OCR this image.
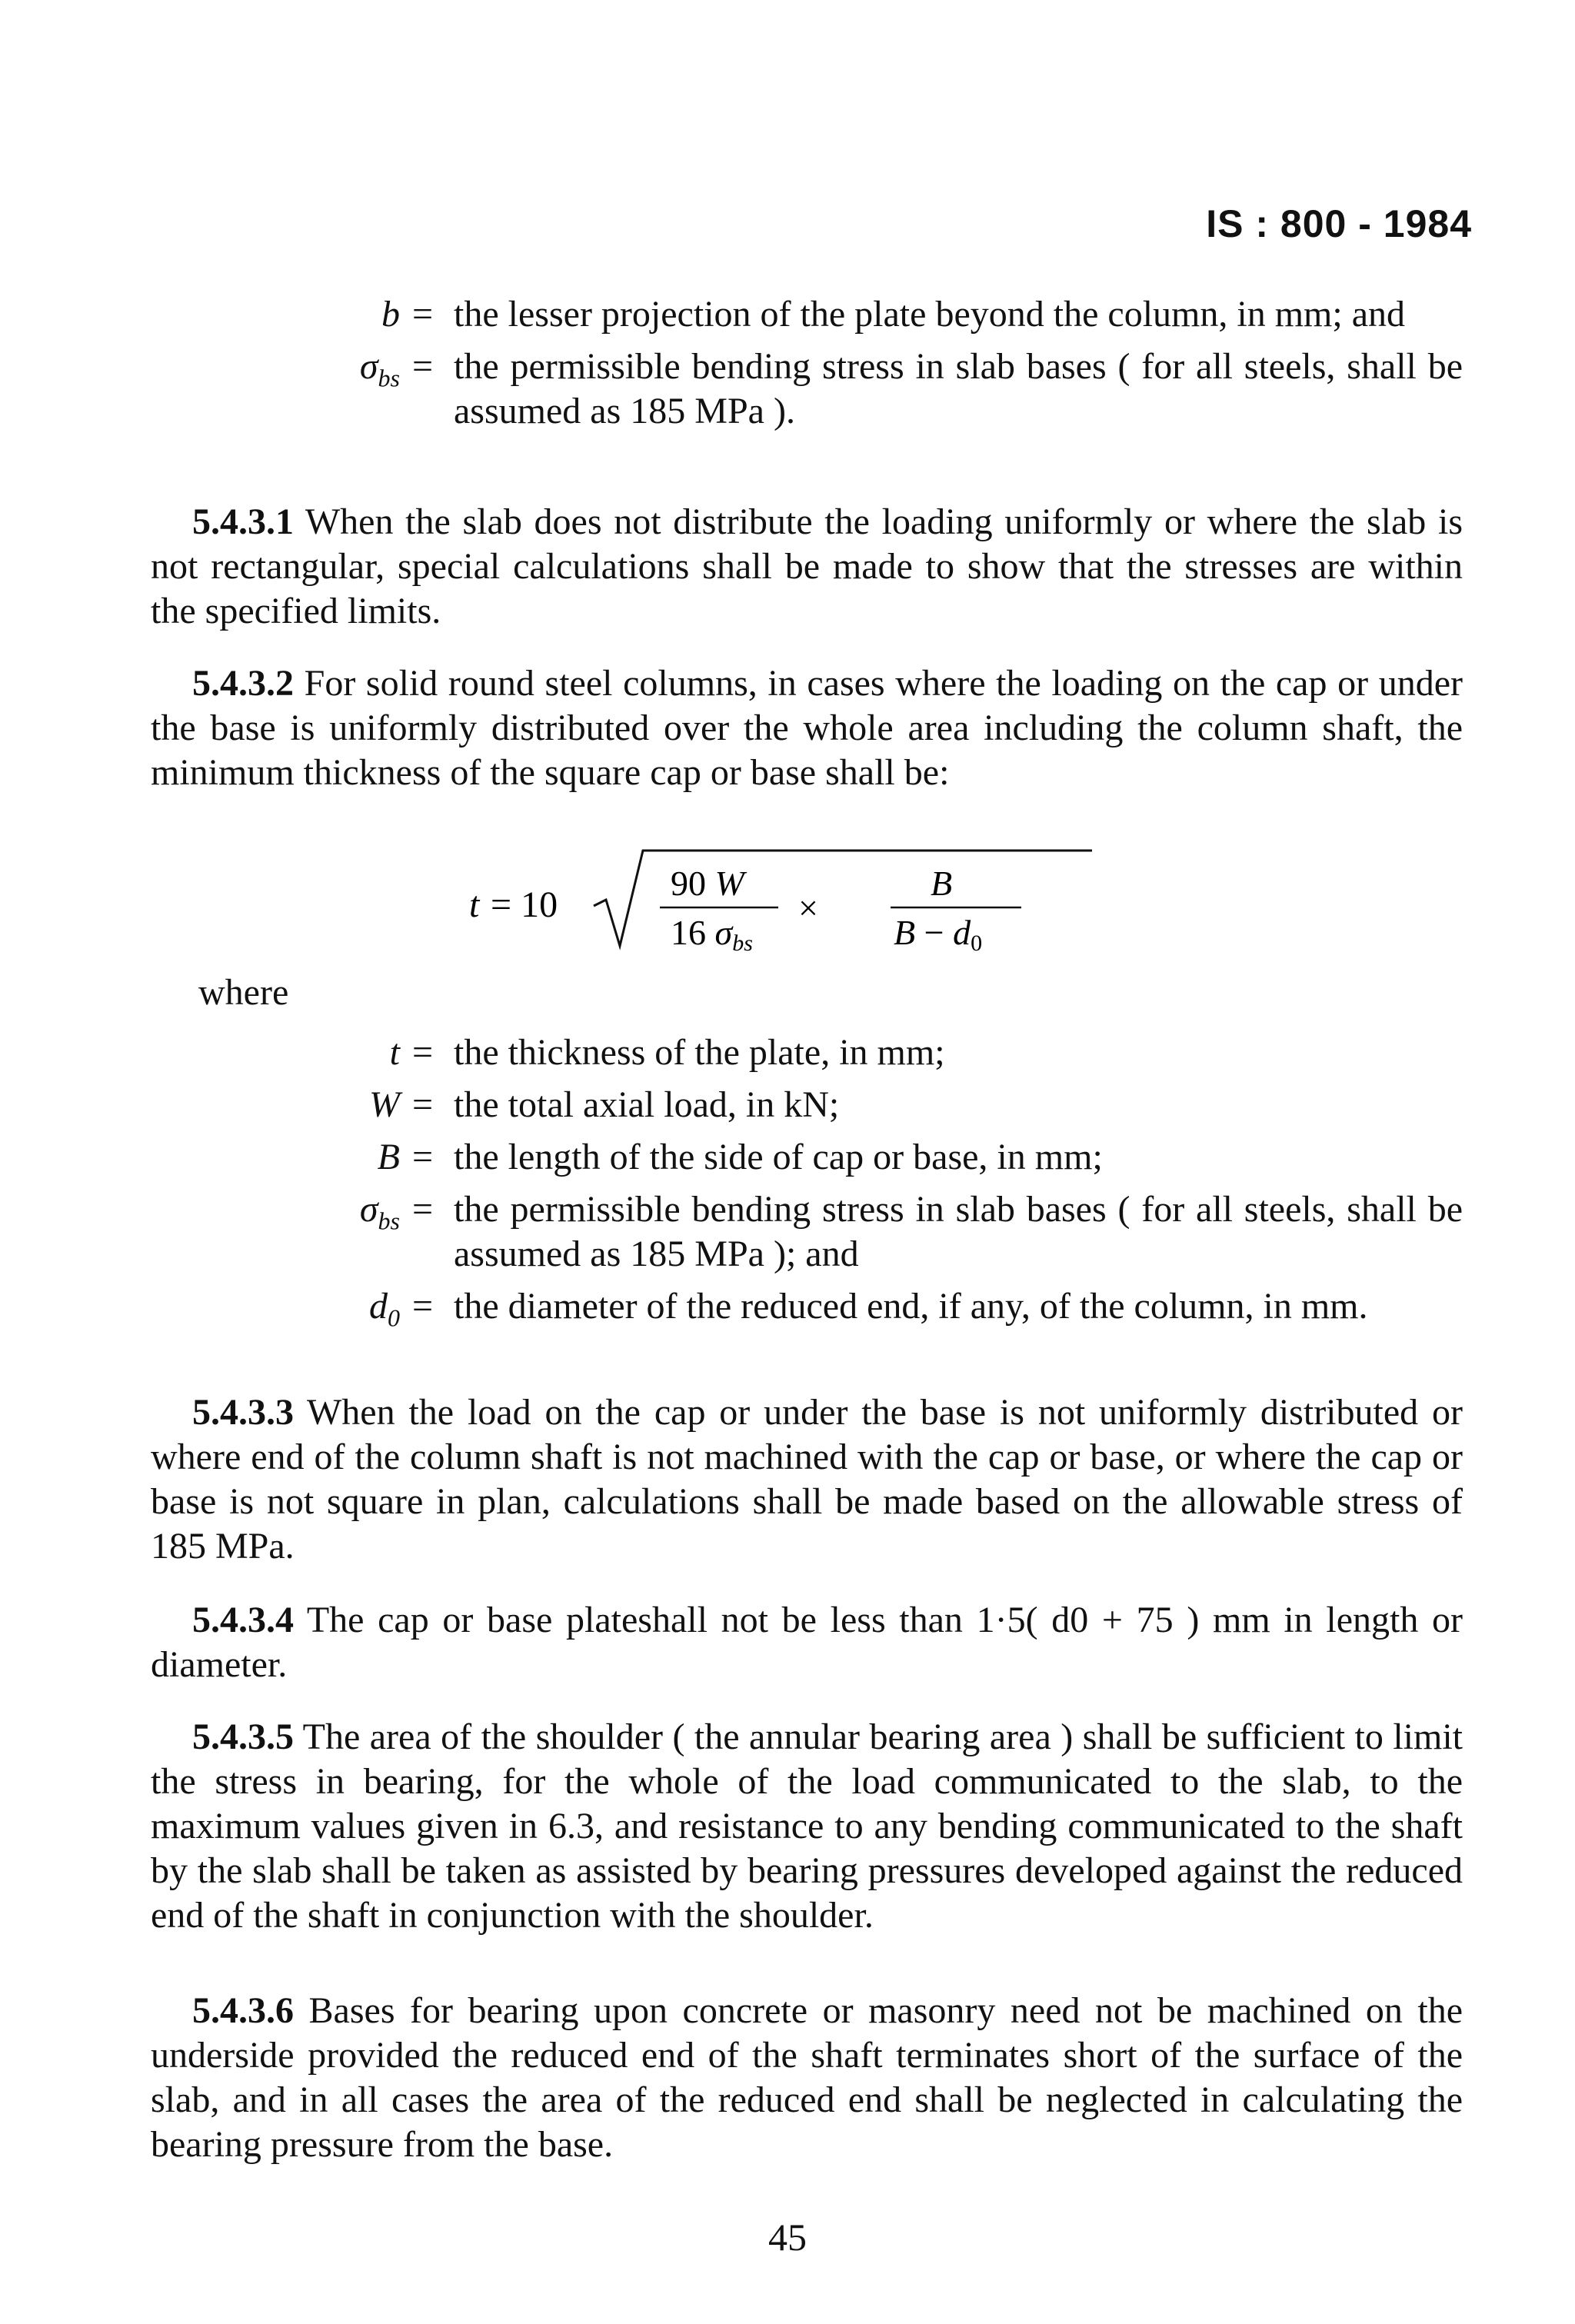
IS : 800 - 1984
b = the lesser projection of the plate beyond the column, in mm; and
$\sigma_{bs}$ = the permissible bending stress in slab bases ( for all steels, shall be assumed as 185 MPa ).
5.4.3.1 When the slab does not distribute the loading uniformly or where the slab is not rectangular, special calculations shall be made to show that the stresses are within the specified limits.
5.4.3.2 For solid round steel columns, in cases where the loading on the cap or under the base is uniformly distributed over the whole area including the column shaft, the minimum thickness of the square cap or base shall be:
t = 10
90 W
16 σbs
×
B
B − d0
where
t = the thickness of the plate, in mm;
W = the total axial load, in kN;
B = the length of the side of cap or base, in mm;
$\sigma_{bs}$ = the permissible bending stress in slab bases ( for all steels, shall be assumed as 185 MPa ); and
$d_0$ = the diameter of the reduced end, if any, of the column, in mm.
5.4.3.3 When the load on the cap or under the base is not uniformly distributed or where end of the column shaft is not machined with the cap or base, or where the cap or base is not square in plan, calculations shall be made based on the allowable stress of 185 MPa.
5.4.3.4 The cap or base plateshall not be less than 1·5( d0 + 75 ) mm in length or diameter.
5.4.3.5 The area of the shoulder ( the annular bearing area ) shall be sufficient to limit the stress in bearing, for the whole of the load communicated to the slab, to the maximum values given in 6.3, and resistance to any bending communicated to the shaft by the slab shall be taken as assisted by bearing pressures developed against the reduced end of the shaft in conjunction with the shoulder.
5.4.3.6 Bases for bearing upon concrete or masonry need not be machined on the underside provided the reduced end of the shaft terminates short of the surface of the slab, and in all cases the area of the reduced end shall be neglected in calculating the bearing pressure from the base.
45
